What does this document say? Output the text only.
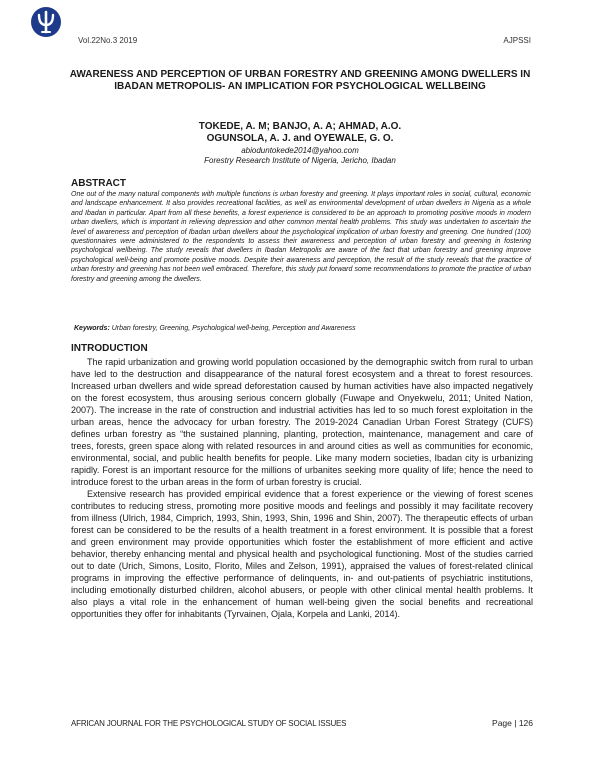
Vol.22No.3 2019	AJPSSI
AWARENESS AND PERCEPTION OF URBAN FORESTRY AND GREENING AMONG DWELLERS IN IBADAN METROPOLIS- AN IMPLICATION FOR PSYCHOLOGICAL WELLBEING
TOKEDE, A. M; BANJO, A. A; AHMAD, A.O.
OGUNSOLA, A. J. and OYEWALE, G. O.
abioduntokede2014@yahoo.com
Forestry Research Institute of Nigeria, Jericho, Ibadan
ABSTRACT
One out of the many natural components with multiple functions is urban forestry and greening. It plays important roles in social, cultural, economic and landscape enhancement. It also provides recreational facilities, as well as environmental development of urban dwellers in Nigeria as a whole and Ibadan in particular. Apart from all these benefits, a forest experience is considered to be an approach to promoting positive moods in modern urban dwellers, which is important in relieving depression and other common mental health problems. This study was undertaken to ascertain the level of awareness and perception of Ibadan urban dwellers about the psychological implication of urban forestry and greening. One hundred (100) questionnaires were administered to the respondents to assess their awareness and perception of urban forestry and greening in fostering psychological wellbeing. The study reveals that dwellers in Ibadan Metropolis are aware of the fact that urban forestry and greening improve psychological well-being and promote positive moods. Despite their awareness and perception, the result of the study reveals that the practice of urban forestry and greening has not been well embraced. Therefore, this study put forward some recommendations to promote the practice of urban forestry and greening among the dwellers.
Keywords: Urban forestry, Greening, Psychological well-being, Perception and Awareness
INTRODUCTION

The rapid urbanization and growing world population occasioned by the demographic switch from rural to urban have led to the destruction and disappearance of the natural forest ecosystem and a threat to forest resources. Increased urban dwellers and wide spread deforestation caused by human activities have also impacted negatively on the forest ecosystem, thus arousing serious concern globally (Fuwape and Onyekwelu, 2011; United Nation, 2007). The increase in the rate of construction and industrial activities has led to so much forest exploitation in the urban areas, hence the advocacy for urban forestry. The 2019-2024 Canadian Urban Forest Strategy (CUFS) defines urban forestry as “the sustained planning, planting, protection, maintenance, management and care of trees, forests, green space along with related resources in and around cities as well as communities for economic, environmental, social, and public health benefits for people. Like many modern societies, Ibadan city is urbanizing rapidly. Forest is an important resource for the millions of urbanites seeking more quality of life; hence the need to introduce forest to the urban areas in the form of urban forestry is crucial.

Extensive research has provided empirical evidence that a forest experience or the viewing of forest scenes contributes to reducing stress, promoting more positive moods and feelings and possibly it may facilitate recovery from illness (Ulrich, 1984, Cimprich, 1993, Shin, 1993, Shin, 1996 and Shin, 2007). The therapeutic effects of urban forest can be considered to be the results of a health treatment in a forest environment. It is possible that a forest and green environment may provide opportunities which foster the establishment of more efficient and active behavior, thereby enhancing mental and physical health and psychological functioning. Most of the studies carried out to date (Urich, Simons, Losito, Florito, Miles and Zelson, 1991), appraised the values of forest-related clinical programs in improving the effective performance of delinquents, in- and out-patients of psychiatric institutions, including emotionally disturbed children, alcohol abusers, or people with other clinical mental health problems. It also plays a vital role in the enhancement of human well-being given the social benefits and recreational opportunities they offer for inhabitants (Tyrvainen, Ojala, Korpela and Lanki, 2014).

AFRICAN JOURNAL FOR THE PSYCHOLOGICAL STUDY OF SOCIAL ISSUES	Page | 126
